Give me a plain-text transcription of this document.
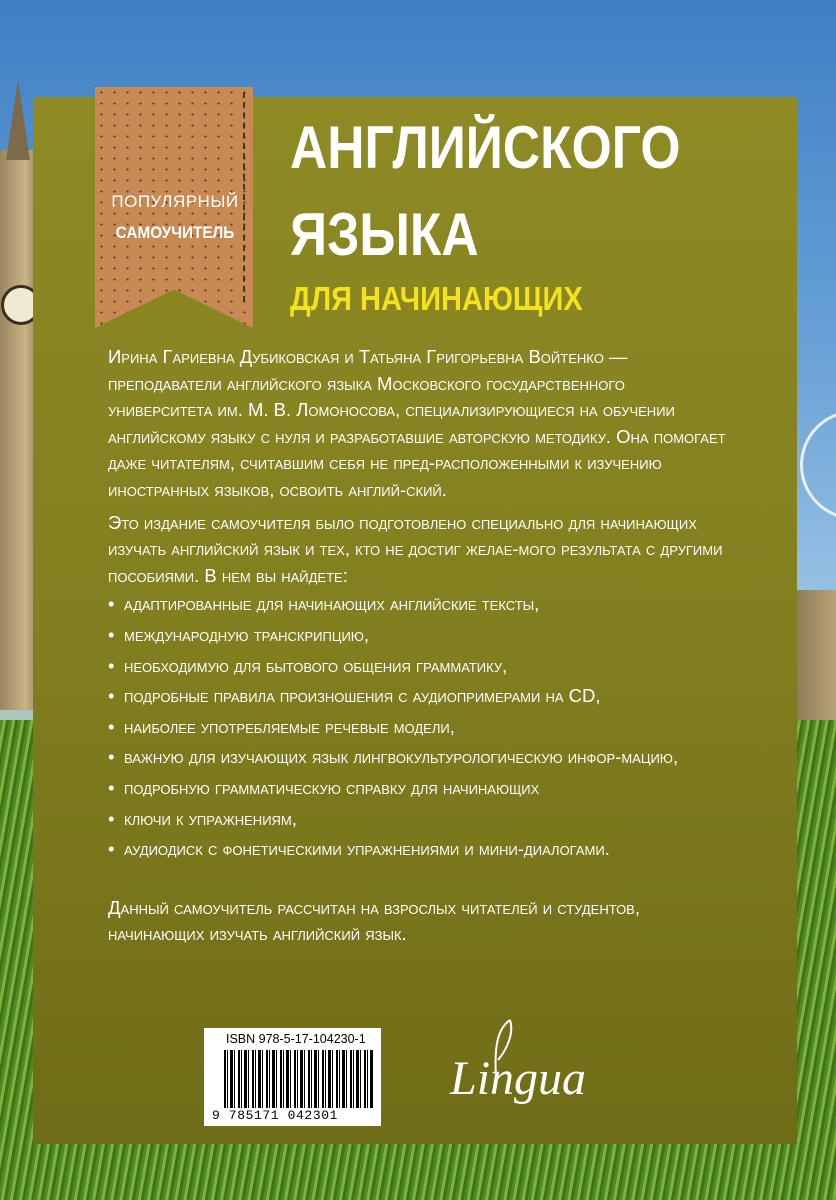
ПОПУЛЯРНЫЙ
САМОУЧИТЕЛЬ
АНГЛИЙСКОГО
ЯЗЫКА
ДЛЯ НАЧИНАЮЩИХ

Ирина Гариевна Дубиковская и Татьяна Григорьевна Войтенко — преподаватели английского языка Московского государственного университета им. М. В. Ломоносова, специализирующиеся на обучении английскому языку с нуля и разработавшие авторскую методику. Она помогает даже читателям, считавшим себя не пред-расположенными к изучению иностранных языков, освоить англий-ский.

Это издание самоучителя было подготовлено специально для начинающих изучать английский язык и тех, кто не достиг желае-мого результата с другими пособиями. В нем вы найдете:

• адаптированные для начинающих английские тексты,
• международную транскрипцию,
• необходимую для бытового общения грамматику,
• подробные правила произношения с аудиопримерами на CD,
• наиболее употребляемые речевые модели,
• важную для изучающих язык лингвокультурологическую инфор-мацию,
• подробную грамматическую справку для начинающих
• ключи к упражнениям,
• аудиодиск с фонетическими упражнениями и мини-диалогами.

Данный самоучитель рассчитан на взрослых читателей и студентов, начинающих изучать английский язык.

ISBN 978-5-17-104230-1
9 785171 042301
Lingua
